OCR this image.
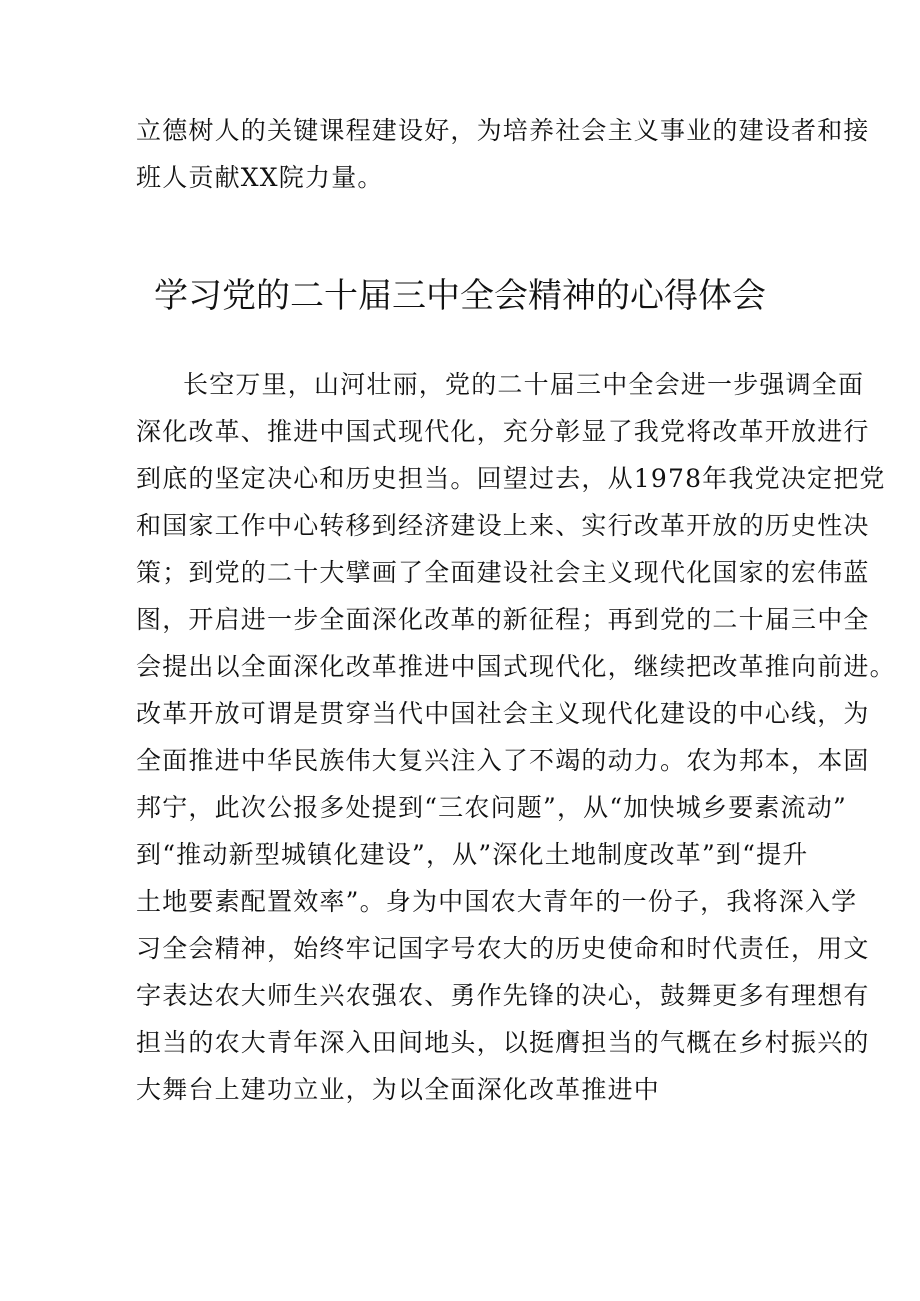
立德树人的关键课程建设好，为培养社会主义事业的建设者和接
班人贡献XX院力量。
学习党的二十届三中全会精神的心得体会
长空万里，山河壮丽，党的二十届三中全会进一步强调全面
深化改革、推进中国式现代化，充分彰显了我党将改革开放进行
到底的坚定决心和历史担当。回望过去，从1978年我党决定把党
和国家工作中心转移到经济建设上来、实行改革开放的历史性决
策；到党的二十大擘画了全面建设社会主义现代化国家的宏伟蓝
图，开启进一步全面深化改革的新征程；再到党的二十届三中全
会提出以全面深化改革推进中国式现代化，继续把改革推向前进。
改革开放可谓是贯穿当代中国社会主义现代化建设的中心线，为
全面推进中华民族伟大复兴注入了不竭的动力。农为邦本，本固
邦宁，此次公报多处提到“三农问题”，从“加快城乡要素流动”
到“推动新型城镇化建设”，从”深化土地制度改革”到“提升
土地要素配置效率”。身为中国农大青年的一份子，我将深入学
习全会精神，始终牢记国字号农大的历史使命和时代责任，用文
字表达农大师生兴农强农、勇作先锋的决心，鼓舞更多有理想有
担当的农大青年深入田间地头，以挺膺担当的气概在乡村振兴的
大舞台上建功立业，为以全面深化改革推进中
